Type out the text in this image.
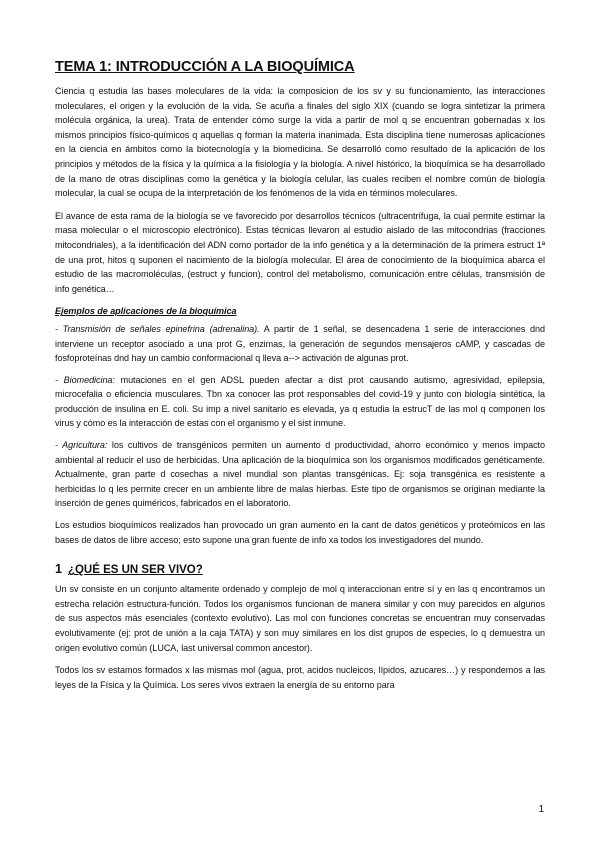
TEMA 1: INTRODUCCIÓN A LA BIOQUÍMICA

Ciencia q estudia las bases moleculares de la vida: la composicion de los sv y su funcionamiento, las interacciones moleculares, el origen y la evolución de la vida. Se acuña a finales del siglo XIX (cuando se logra sintetizar la primera molécula orgánica, la urea). Trata de entender cómo surge la vida a partir de mol q se encuentran gobernadas x los mismos principios físico-químicos q aquellas q forman la materia inanimada. Esta disciplina tiene numerosas aplicaciones en la ciencia en ámbitos como la biotecnología y la biomedicina. Se desarrolló como resultado de la aplicación de los principios y métodos de la física y la química a la fisiología y la biología. A nivel histórico, la bioquímica se ha desarrollado de la mano de otras disciplinas como la genética y la biología celular, las cuales reciben el nombre común de biología molecular, la cual se ocupa de la interpretación de los fenómenos de la vida en términos moleculares.

El avance de esta rama de la biología se ve favorecido por desarrollos técnicos (ultracentrífuga, la cual permite estimar la masa molecular o el microscopio electrónico). Estas técnicas llevaron al estudio aislado de las mitocondrias (fracciones mitocondriales), a la identificación del ADN como portador de la info genética y a la determinación de la primera estruct 1ª de una prot, hitos q suponen el nacimiento de la biología molecular. El área de conocimiento de la bioquímica abarca el estudio de las macromoléculas, (estruct y funcion), control del metabolismo, comunicación entre células, transmisión de info genética…

Ejemplos de aplicaciones de la bioquímica

- Transmisión de señales epinefrina (adrenalina). A partir de 1 señal, se desencadena 1 serie de interacciones dnd interviene un receptor asociado a una prot G, enzimas, la generación de segundos mensajeros cAMP, y cascadas de fosfoproteínas dnd hay un cambio conformacional q lleva a--> activación de algunas prot.

- Biomedicina: mutaciones en el gen ADSL pueden afectar a dist prot causando autismo, agresividad, epilepsia, microcefalia o eficiencia musculares. Tbn xa conocer las prot responsables del covid-19 y junto con biología sintética, la producción de insulina en E. coli. Su imp a nivel sanitario es elevada, ya q estudia la estrucT de las mol q componen los virus y cómo es la interacción de estas con el organismo y el sist inmune.

- Agricultura: los cultivos de transgénicos permiten un aumento d productividad, ahorro económico y menos impacto ambiental al reducir el uso de herbicidas. Una aplicación de la bioquímica son los organismos modificados genéticamente. Actualmente, gran parte d cosechas a nivel mundial son plantas transgénicas. Ej: soja transgénica es resistente a herbicidas lo q les permite crecer en un ambiente libre de malas hierbas. Este tipo de organismos se originan mediante la inserción de genes quiméricos, fabricados en el laboratorio.

Los estudios bioquímicos realizados han provocado un gran aumento en la cant de datos genéticos y proteómicos en las bases de datos de libre acceso; esto supone una gran fuente de info xa todos los investigadores del mundo.

1 ¿QUÉ ES UN SER VIVO?

Un sv consiste en un conjunto altamente ordenado y complejo de mol q interaccionan entre sí y en las q encontramos un estrecha relación estructura-función. Todos los organismos funcionan de manera similar y con muy parecidos en algunos de sus aspectos más esenciales (contexto evolutivo). Las mol con funciones concretas se encuentran muy conservadas evolutivamente (ej: prot de unión a la caja TATA) y son muy similares en los dist grupos de especies, lo q demuestra un origen evolutivo común (LUCA, last universal common ancestor).

Todos los sv estamos formados x las mismas mol (agua, prot, acidos nucleicos, lípidos, azucares…) y respondemos a las leyes de la Física y la Química. Los seres vivos extraen la energía de su entorno para

1
